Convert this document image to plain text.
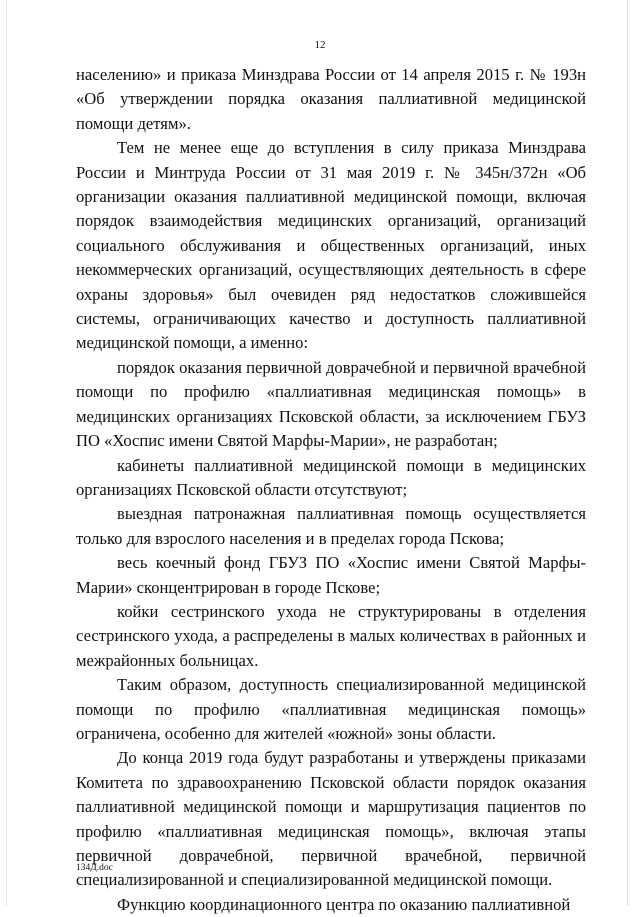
12

населению» и приказа Минздрава России от 14 апреля 2015 г. № 193н «Об утверждении порядка оказания паллиативной медицинской помощи детям».

Тем не менее еще до вступления в силу приказа Минздрава России и Минтруда России от 31 мая 2019 г. № 345н/372н «Об организации оказания паллиативной медицинской помощи, включая порядок взаимодействия медицинских организаций, организаций социального обслуживания и общественных организаций, иных некоммерческих организаций, осуществляющих деятельность в сфере охраны здоровья» был очевиден ряд недостатков сложившейся системы, ограничивающих качество и доступность паллиативной медицинской помощи, а именно:

порядок оказания первичной доврачебной и первичной врачебной помощи по профилю «паллиативная медицинская помощь» в медицинских организациях Псковской области, за исключением ГБУЗ ПО «Хоспис имени Святой Марфы-Марии», не разработан;

кабинеты паллиативной медицинской помощи в медицинских организациях Псковской области отсутствуют;

выездная патронажная паллиативная помощь осуществляется только для взрослого населения и в пределах города Пскова;

весь коечный фонд ГБУЗ ПО «Хоспис имени Святой Марфы-Марии» сконцентрирован в городе Пскове;

койки сестринского ухода не структурированы в отделения сестринского ухода, а распределены в малых количествах в районных и межрайонных больницах.

Таким образом, доступность специализированной медицинской помощи по профилю «паллиативная медицинская помощь» ограничена, особенно для жителей «южной» зоны области.

До конца 2019 года будут разработаны и утверждены приказами Комитета по здравоохранению Псковской области порядок оказания паллиативной медицинской помощи и маршрутизация пациентов по профилю «паллиативная медицинская помощь», включая этапы первичной доврачебной, первичной врачебной, первичной специализированной и специализированной медицинской помощи.

Функцию координационного центра по оказанию паллиативной

134Д.doc
